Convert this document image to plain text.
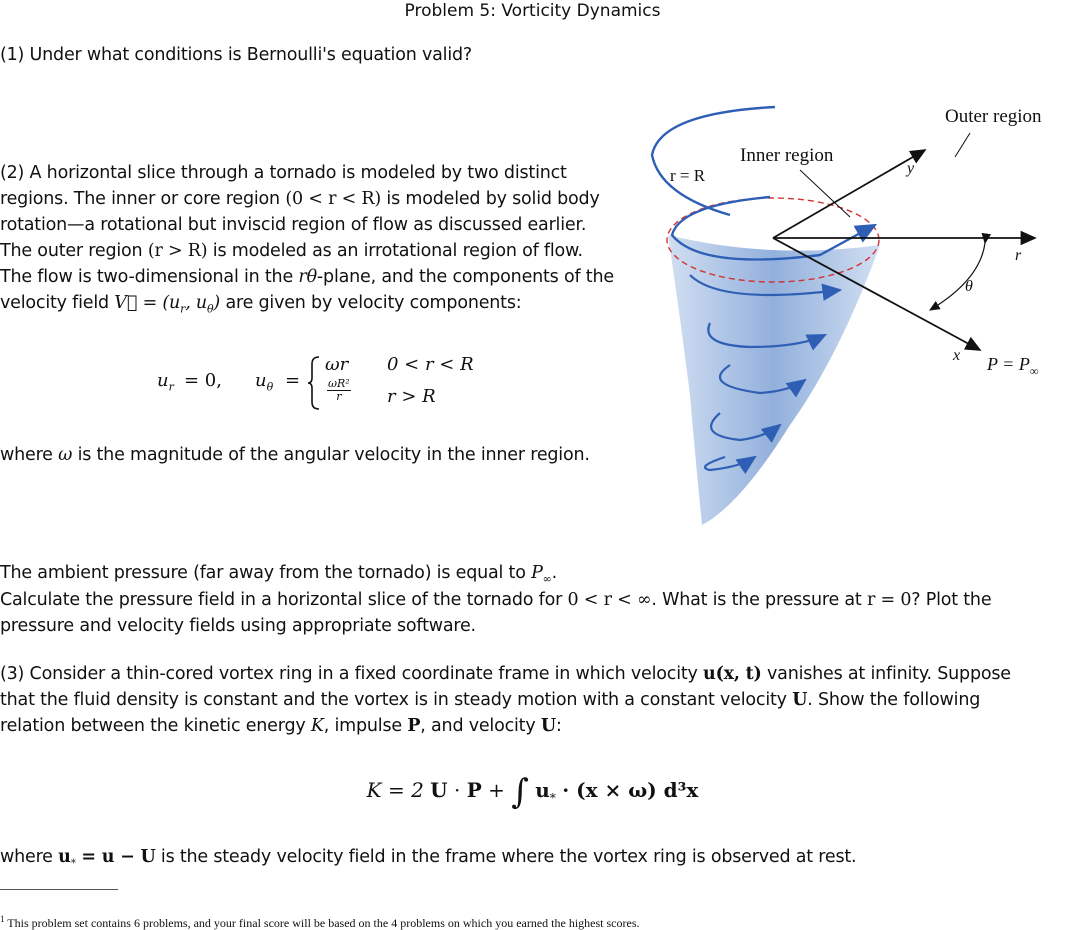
Problem 5: Vorticity Dynamics
(1) Under what conditions is Bernoulli's equation valid?
(2) A horizontal slice through a tornado is modeled by two distinct
regions. The inner or core region (0 < r < R) is modeled by solid body
rotation—a rotational but inviscid region of flow as discussed earlier.
The outer region (r > R) is modeled as an irrotational region of flow.
The flow is two-dimensional in the rθ-plane, and the components of the
velocity field V⃗ = ($u_r$, $u_\theta$) are given by velocity components:
$u_r = 0$, $u_\theta$ =
ωr 0 < r < R
$\frac{\text{ωR²}}{r}$ r > R
where ω is the magnitude of the angular velocity in the inner region.
The ambient pressure (far away from the tornado) is equal to $P_\infty$.
Calculate the pressure field in a horizontal slice of the tornado for 0 < r < ∞. What is the pressure at r = 0? Plot the
pressure and velocity fields using appropriate software.
(3) Consider a thin-cored vortex ring in a fixed coordinate frame in which velocity u(x, t) vanishes at infinity. Suppose
that the fluid density is constant and the vortex is in steady motion with a constant velocity U. Show the following
relation between the kinetic energy K, impulse P, and velocity U:
K = 2 U · P + ∫ $u_* \cdot (x \times \omega)$ d³x
where $u_* = u - U$ is the steady velocity field in the frame where the vortex ring is observed at rest.
$^1$ This problem set contains 6 problems, and your final score will be based on the 4 problems on which you earned the highest scores.
Inner region
Outer region
r = R	y
r
θ
x $P = P_\infty$
